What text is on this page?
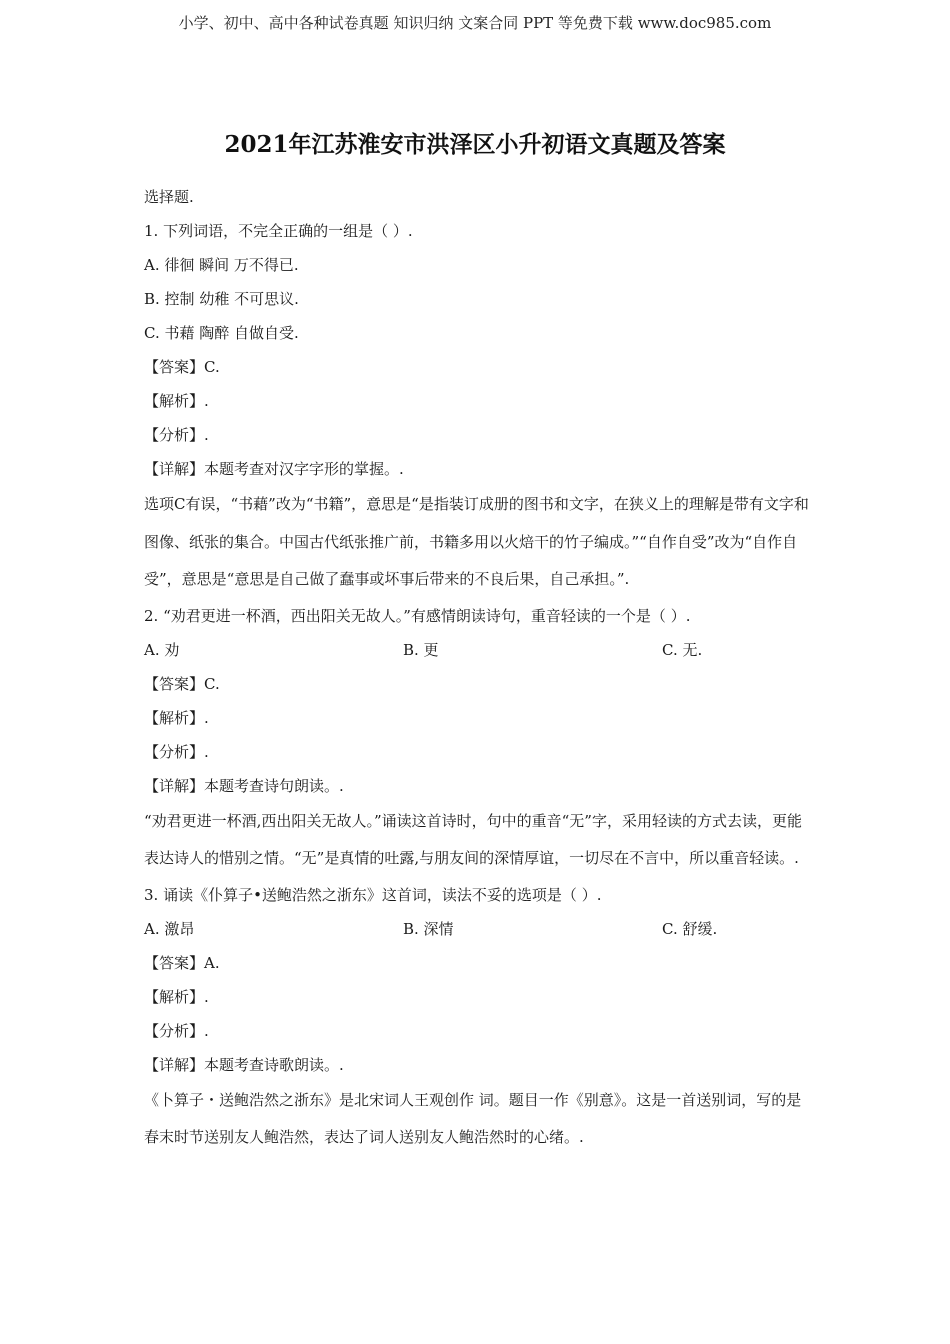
小学、初中、高中各种试卷真题 知识归纳 文案合同 PPT 等免费下载 www.doc985.com
2021年江苏淮安市洪泽区小升初语文真题及答案
选择题.
1. 下列词语，不完全正确的一组是（ ）.
A. 徘徊 瞬间 万不得已.
B. 控制 幼稚 不可思议.
C. 书藉 陶醉 自做自受.
【答案】C.
【解析】.
【分析】.
【详解】本题考查对汉字字形的掌握。.

选项C有误，“书藉”改为“书籍”，意思是“是指装订成册的图书和文字，在狭义上的理解是带有文字和图像、纸张的集合。中国古代纸张推广前，书籍多用以火焙干的竹子编成。”“自作自受”改为“自作自受”，意思是“意思是自己做了蠢事或坏事后带来的不良后果，自己承担。”.

2. “劝君更进一杯酒，西出阳关无故人。”有感情朗读诗句，重音轻读的一个是（ ）.
A. 劝	B. 更	C. 无.
【答案】C.
【解析】.
【分析】.
【详解】本题考查诗句朗读。.

“劝君更进一杯酒,西出阳关无故人。”诵读这首诗时，句中的重音“无”字，采用轻读的方式去读，更能表达诗人的惜别之情。“无”是真情的吐露,与朋友间的深情厚谊，一切尽在不言中，所以重音轻读。.

3. 诵读《仆算子•送鲍浩然之浙东》这首词，读法不妥的选项是（ ）.
A. 激昂	B. 深情	C. 舒缓.
【答案】A.
【解析】.
【分析】.
【详解】本题考查诗歌朗读。.

《卜算子・送鲍浩然之浙东》是北宋词人王观创作 词。题目一作《别意》。这是一首送别词，写的是春末时节送别友人鲍浩然，表达了词人送别友人鲍浩然时的心绪。.
